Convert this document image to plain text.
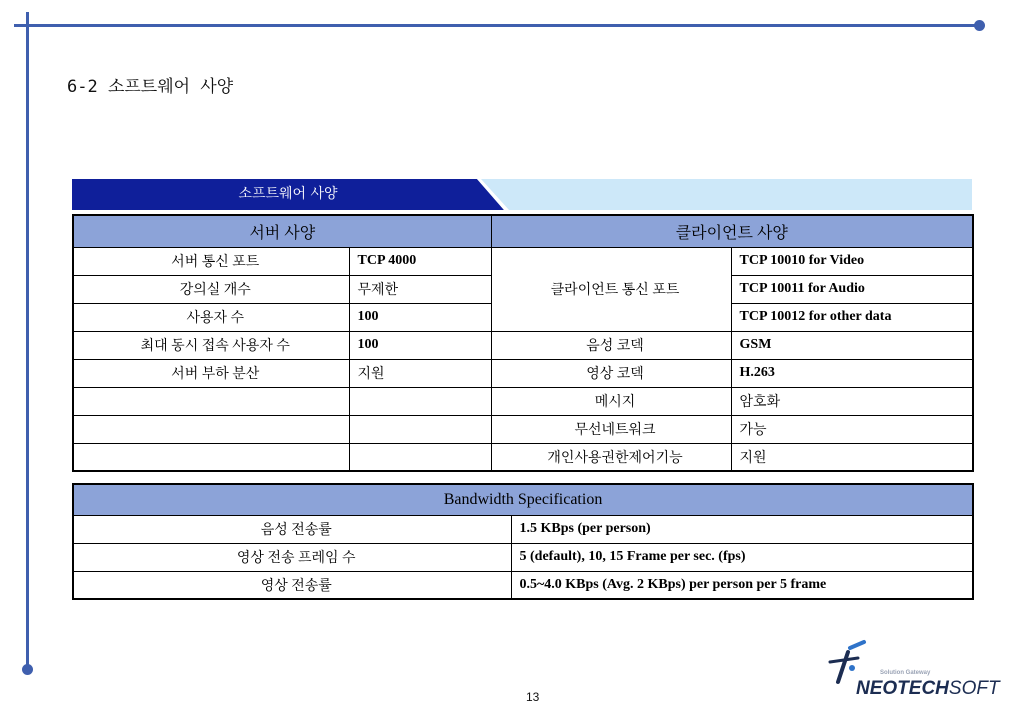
6-2 소프트웨어 사양
소프트웨어 사양
서버 사양		클라이언트 사양	
서버 통신 포트	TCP 4000	클라이언트 통신 포트	TCP 10010 for Video
강의실 개수	무제한		TCP 10011 for Audio
사용자 수	100		TCP 10012 for other data
최대 동시 접속 사용자 수	100	음성 코덱	GSM
서버 부하 분산	지원	영상 코덱	H.263
		메시지	암호화
		무선네트워크	가능
		개인사용권한제어기능	지원
Bandwidth Specification	
음성 전송률	1.5 KBps (per person)
영상 전송 프레임 수	5 (default), 10, 15 Frame per sec. (fps)
영상 전송률	0.5~4.0 KBps (Avg. 2 KBps) per person per 5 frame
13
Solution Gateway
NEOTECHSOFT
